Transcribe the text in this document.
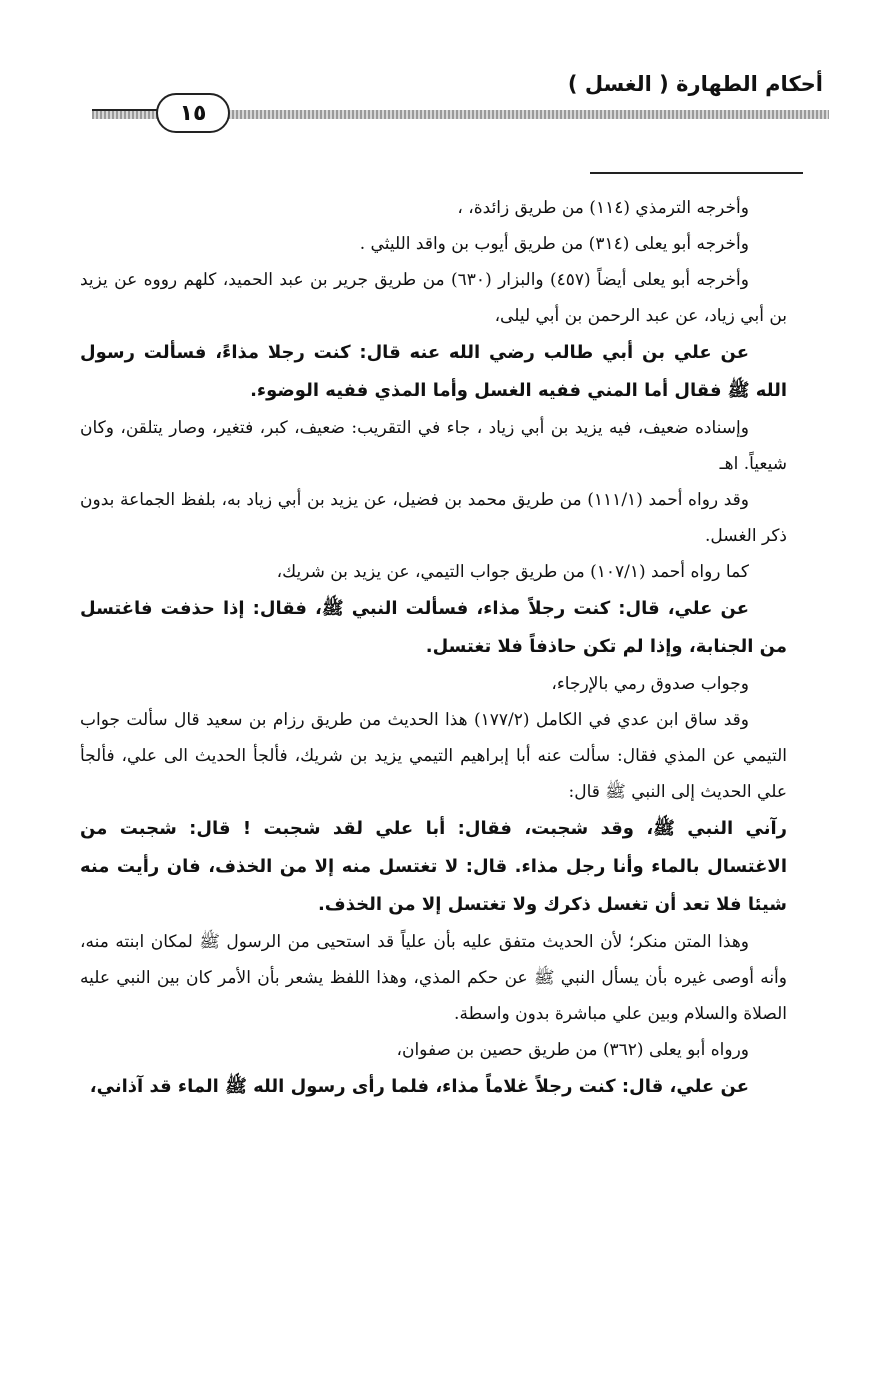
أحكام الطهارة ( الغسل )
١٥

وأخرجه الترمذي (١١٤) من طريق زائدة، ،

وأخرجه أبو يعلى (٣١٤) من طريق أيوب بن واقد الليثي .

وأخرجه أبو يعلى أيضاً (٤٥٧) والبزار (٦٣٠) من طريق جرير بن عبد الحميد، كلهم رووه عن يزيد بن أبي زياد، عن عبد الرحمن بن أبي ليلى،

عن علي بن أبي طالب رضي الله عنه قال: كنت رجلا مذاءً، فسألت رسول الله ﷺ فقال أما المني ففيه الغسل وأما المذي ففيه الوضوء.

وإسناده ضعيف، فيه يزيد بن أبي زياد ، جاء في التقريب: ضعيف، كبر، فتغير، وصار يتلقن، وكان شيعياً. اهـ

وقد رواه أحمد (١١١/١) من طريق محمد بن فضيل، عن يزيد بن أبي زياد به، بلفظ الجماعة بدون ذكر الغسل.

كما رواه أحمد (١٠٧/١) من طريق جواب التيمي، عن يزيد بن شريك،

عن علي، قال: كنت رجلاً مذاء، فسألت النبي ﷺ، فقال: إذا حذفت فاغتسل من الجنابة، وإذا لم تكن حاذفاً فلا تغتسل.

وجواب صدوق رمي بالإرجاء،

وقد ساق ابن عدي في الكامل (١٧٧/٢) هذا الحديث من طريق رزام بن سعيد قال سألت جواب التيمي عن المذي فقال: سألت عنه أبا إبراهيم التيمي يزيد بن شريك، فألجأ الحديث الى علي، فألجأ علي الحديث إلى النبي ﷺ قال:

رآني النبي ﷺ، وقد شجبت، فقال: أبا علي لقد شجبت ! قال: شجبت من الاغتسال بالماء وأنا رجل مذاء. قال: لا تغتسل منه إلا من الخذف، فان رأيت منه شيئا فلا تعد أن تغسل ذكرك ولا تغتسل إلا من الخذف.

وهذا المتن منكر؛ لأن الحديث متفق عليه بأن علياً قد استحيى من الرسول ﷺ لمكان ابنته منه، وأنه أوصى غيره بأن يسأل النبي ﷺ عن حكم المذي، وهذا اللفظ يشعر بأن الأمر كان بين النبي عليه الصلاة والسلام وبين علي مباشرة بدون واسطة.

ورواه أبو يعلى (٣٦٢) من طريق حصين بن صفوان،

عن علي، قال: كنت رجلاً غلاماً مذاء، فلما رأى رسول الله ﷺ الماء قد آذاني،
